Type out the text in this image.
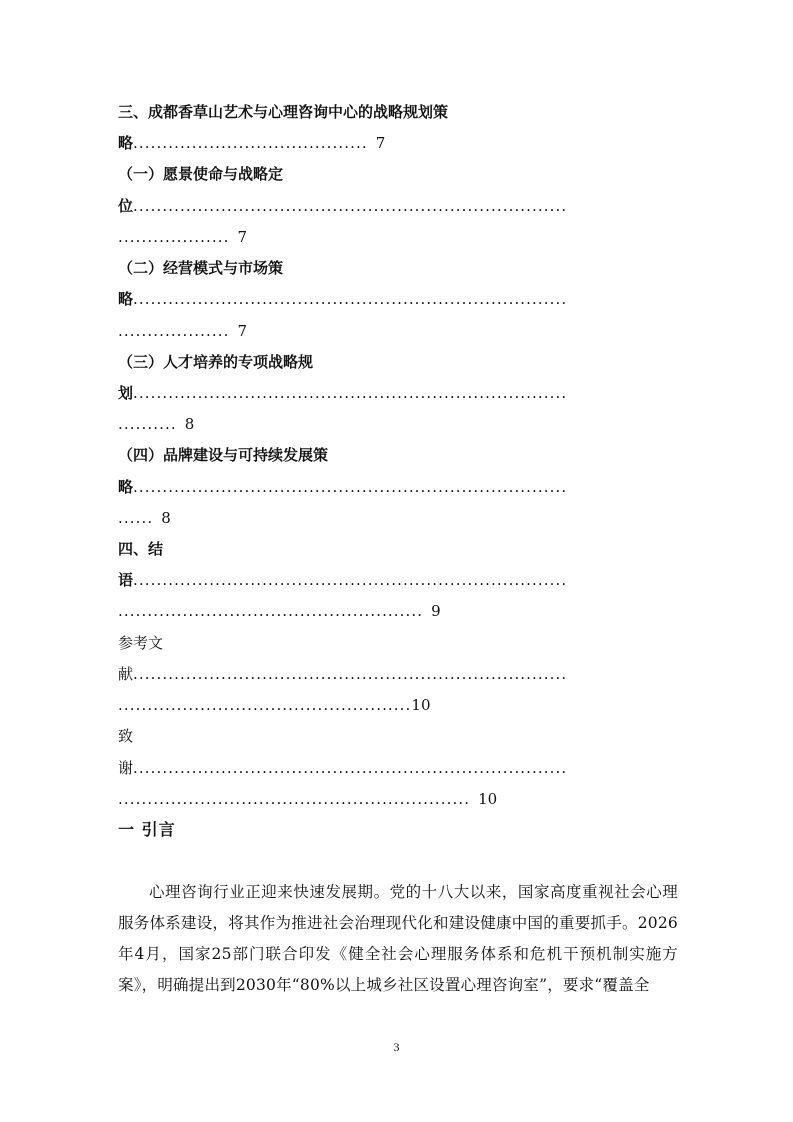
三、成都香草山艺术与心理咨询中心的战略规划策
略........................................ 7
（一）愿景使命与战略定
位..........................................................................
................... 7
（二）经营模式与市场策
略..........................................................................
................... 7
（三）人才培养的专项战略规
划..........................................................................
.......... 8
（四）品牌建设与可持续发展策
略..........................................................................
...... 8
四、结
语..........................................................................
.................................................... 9
参考文
献..........................................................................
..................................................10
致
谢..........................................................................
............................................................ 10
一 引言

心理咨询行业正迎来快速发展期。党的十八大以来，国家高度重视社会心理服务体系建设，将其作为推进社会治理现代化和建设健康中国的重要抓手。2026年4月，国家25部门联合印发《健全社会心理服务体系和危机干预机制实施方案》，明确提出到2030年“80%以上城乡社区设置心理咨询室”，要求“覆盖全

3
